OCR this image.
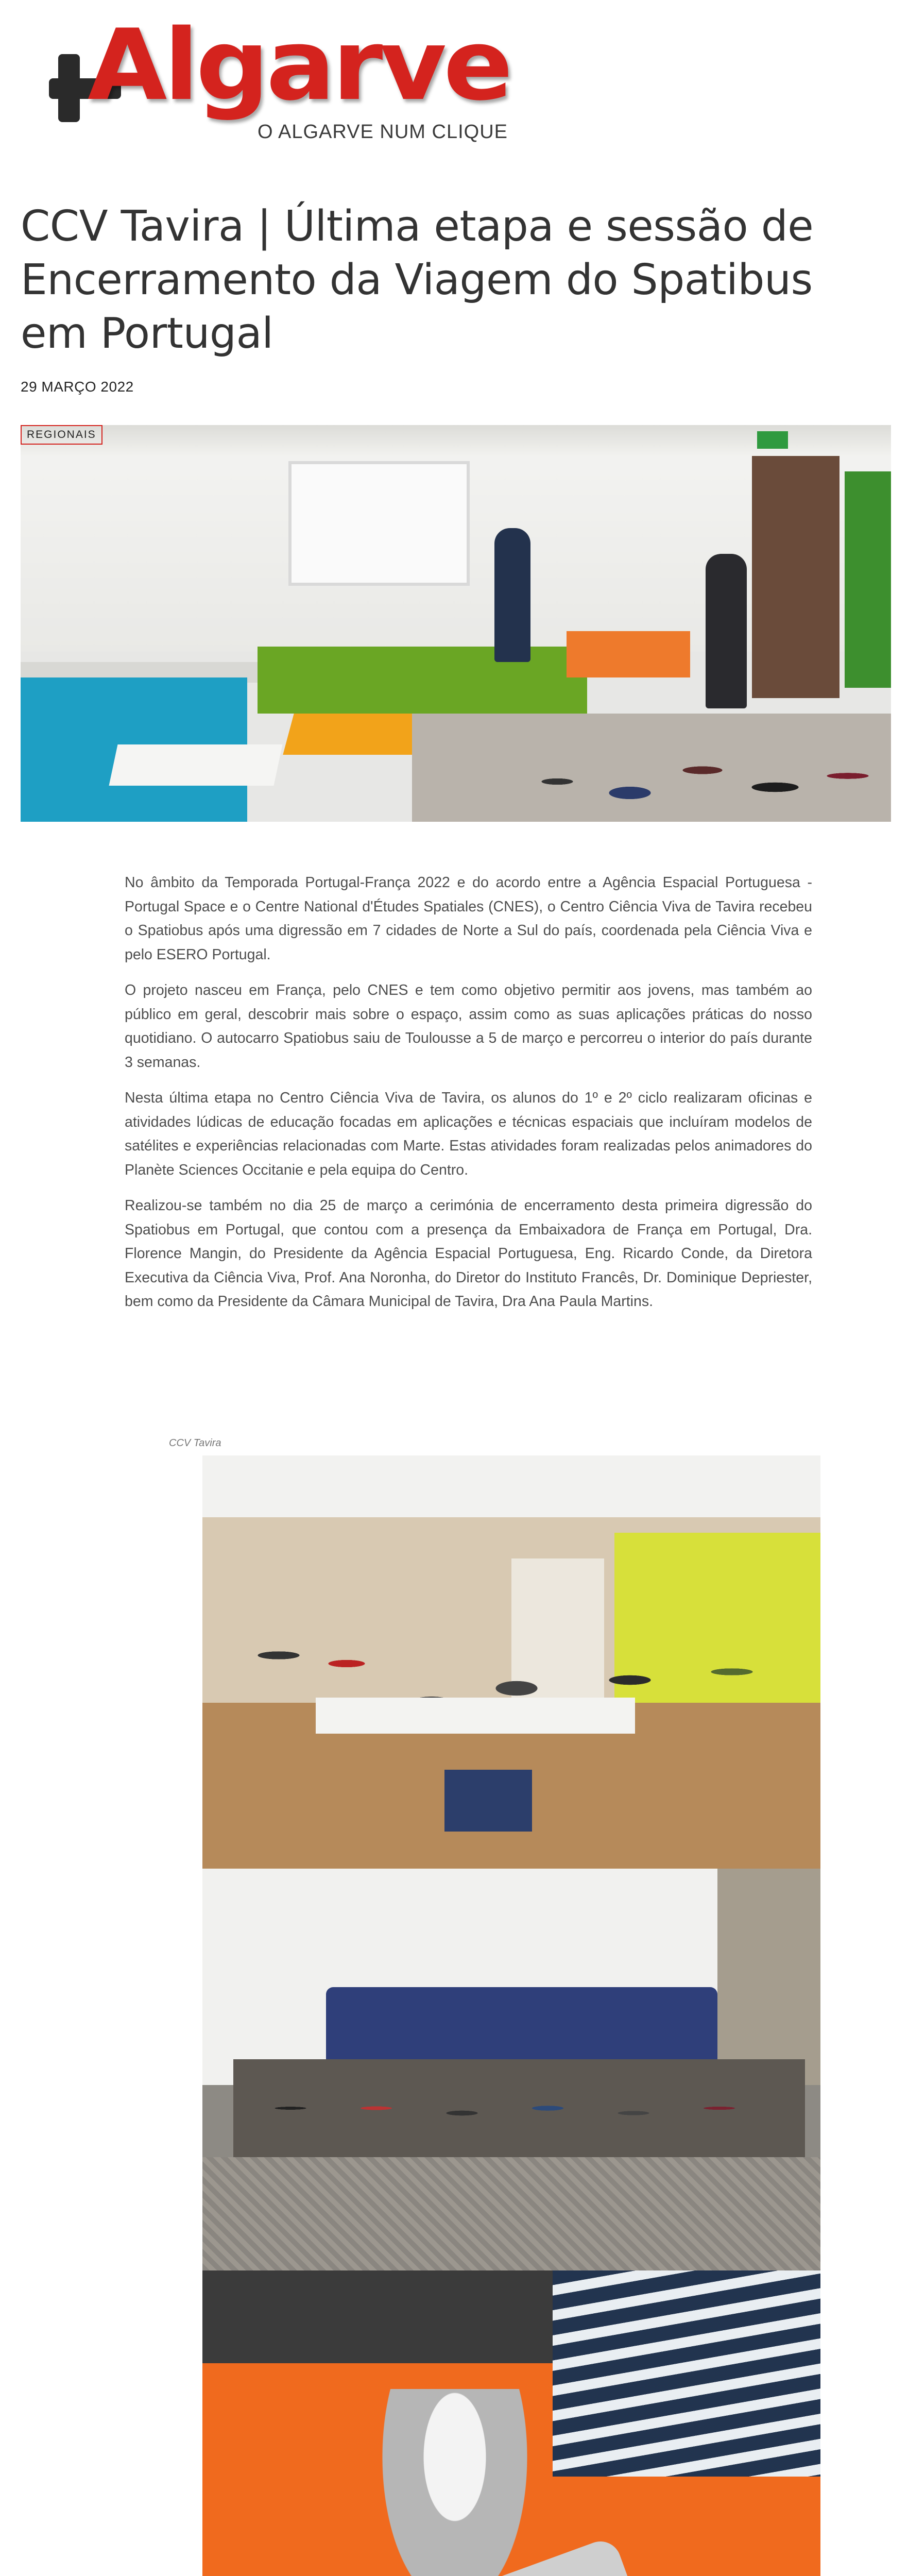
Algarve
O ALGARVE NUM CLIQUE
CCV Tavira | Última etapa e sessão de Encerramento da Viagem do Spatibus em Portugal
29 MARÇO 2022
REGIONAIS

No âmbito da Temporada Portugal-França 2022 e do acordo entre a Agência Espacial Portuguesa - Portugal Space e o Centre National d'Études Spatiales (CNES), o Centro Ciência Viva de Tavira recebeu o Spatiobus após uma digressão em 7 cidades de Norte a Sul do país, coordenada pela Ciência Viva e pelo ESERO Portugal.

O projeto nasceu em França, pelo CNES e tem como objetivo permitir aos jovens, mas também ao público em geral, descobrir mais sobre o espaço, assim como as suas aplicações práticas do nosso quotidiano. O autocarro Spatiobus saiu de Toulousse a 5 de março e percorreu o interior do país durante 3 semanas.

Nesta última etapa no Centro Ciência Viva de Tavira, os alunos do 1º e 2º ciclo realizaram oficinas e atividades lúdicas de educação focadas em aplicações e técnicas espaciais que incluíram modelos de satélites e experiências relacionadas com Marte. Estas atividades foram realizadas pelos animadores do Planète Sciences Occitanie e pela equipa do Centro.

Realizou-se também no dia 25 de março a cerimónia de encerramento desta primeira digressão do Spatiobus em Portugal, que contou com a presença da Embaixadora de França em Portugal, Dra. Florence Mangin, do Presidente da Agência Espacial Portuguesa, Eng. Ricardo Conde, da Diretora Executiva da Ciência Viva, Prof. Ana Noronha, do Diretor do Instituto Francês, Dr. Dominique Depriester, bem como da Presidente da Câmara Municipal de Tavira, Dra Ana Paula Martins.

CCV Tavira
